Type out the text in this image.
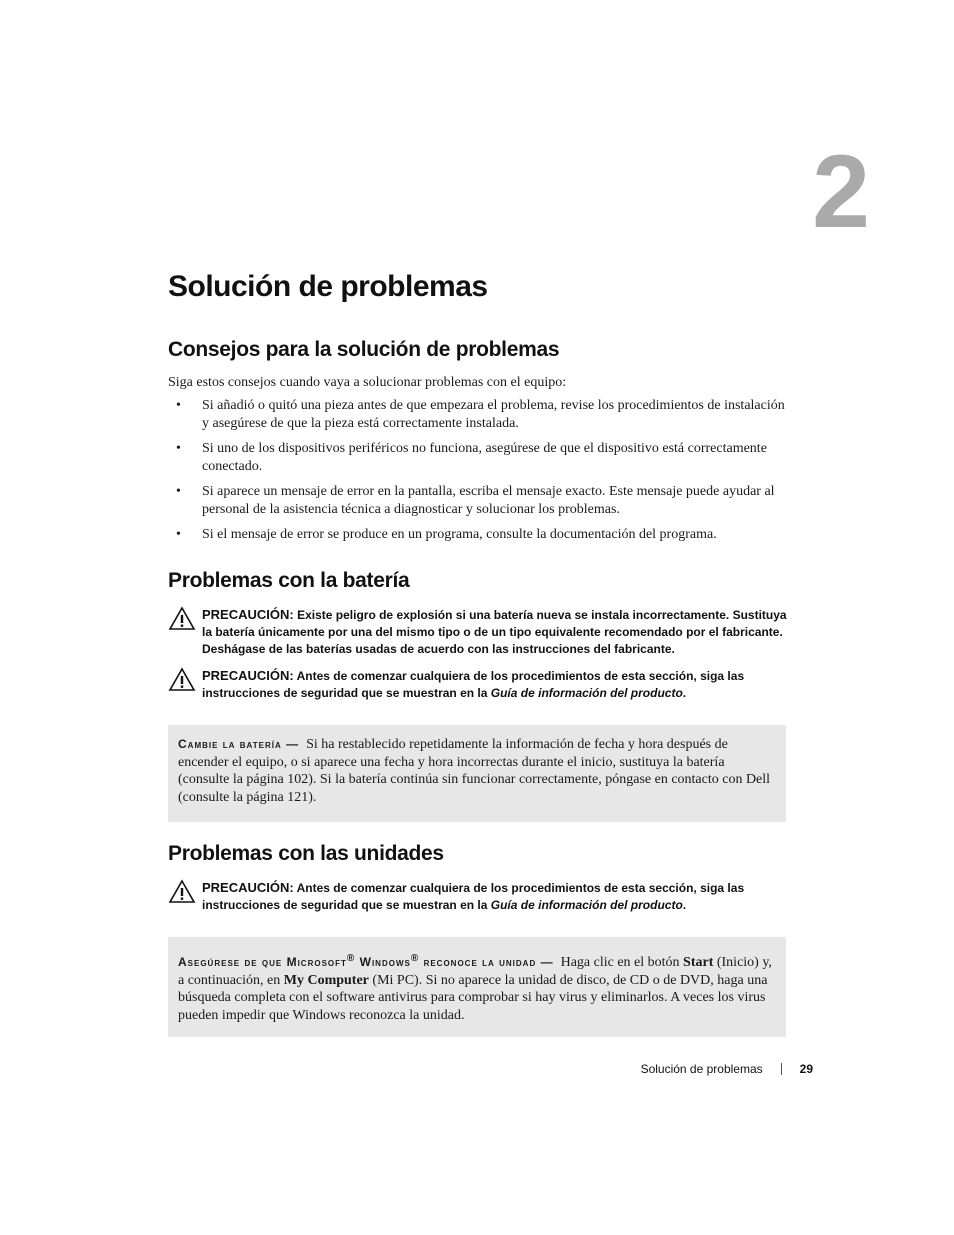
2
Solución de problemas
Consejos para la solución de problemas

Siga estos consejos cuando vaya a solucionar problemas con el equipo:

• Si añadió o quitó una pieza antes de que empezara el problema, revise los procedimientos de instalación y asegúrese de que la pieza está correctamente instalada.
• Si uno de los dispositivos periféricos no funciona, asegúrese de que el dispositivo está correctamente conectado.
• Si aparece un mensaje de error en la pantalla, escriba el mensaje exacto. Este mensaje puede ayudar al personal de la asistencia técnica a diagnosticar y solucionar los problemas.
• Si el mensaje de error se produce en un programa, consulte la documentación del programa.
Problemas con la batería
PRECAUCIÓN: Existe peligro de explosión si una batería nueva se instala incorrectamente. Sustituya la batería únicamente por una del mismo tipo o de un tipo equivalente recomendado por el fabricante. Deshágase de las baterías usadas de acuerdo con las instrucciones del fabricante.
PRECAUCIÓN: Antes de comenzar cualquiera de los procedimientos de esta sección, siga las instrucciones de seguridad que se muestran en la Guía de información del producto.
Cambie la batería — Si ha restablecido repetidamente la información de fecha y hora después de encender el equipo, o si aparece una fecha y hora incorrectas durante el inicio, sustituya la batería (consulte la página 102). Si la batería continúa sin funcionar correctamente, póngase en contacto con Dell (consulte la página 121).
Problemas con las unidades
PRECAUCIÓN: Antes de comenzar cualquiera de los procedimientos de esta sección, siga las instrucciones de seguridad que se muestran en la Guía de información del producto.
Asegúrese de que Microsoft® Windows® reconoce la unidad — Haga clic en el botón Start (Inicio) y, a continuación, en My Computer (Mi PC). Si no aparece la unidad de disco, de CD o de DVD, haga una búsqueda completa con el software antivirus para comprobar si hay virus y eliminarlos. A veces los virus pueden impedir que Windows reconozca la unidad.
Solución de problemas	29
